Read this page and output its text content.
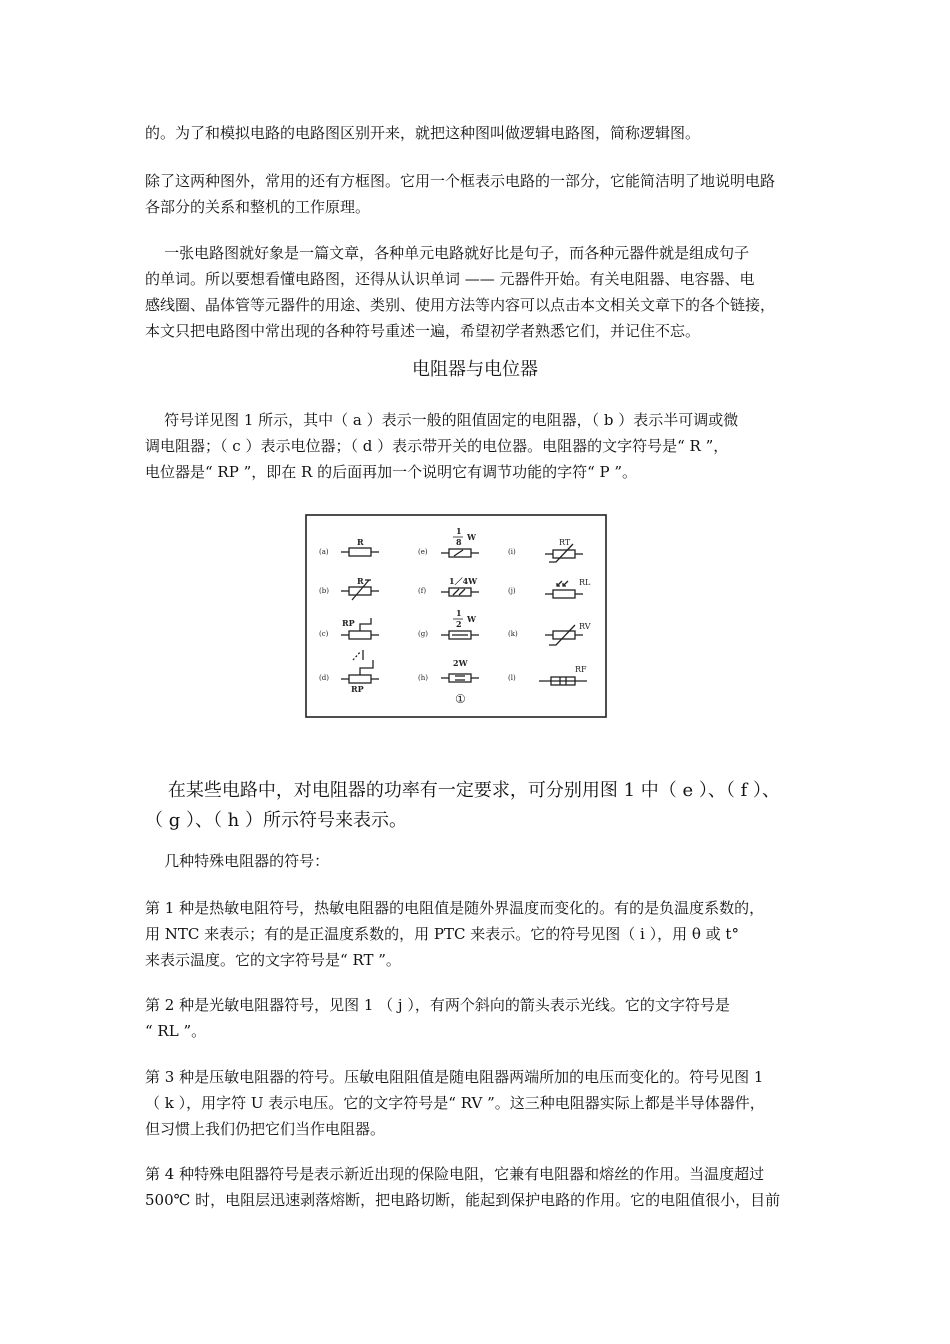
的。为了和模拟电路的电路图区别开来，就把这种图叫做逻辑电路图，简称逻辑图。
除了这两种图外，常用的还有方框图。它用一个框表示电路的一部分，它能简洁明了地说明电路
各部分的关系和整机的工作原理。
一张电路图就好象是一篇文章，各种单元电路就好比是句子，而各种元器件就是组成句子
的单词。所以要想看懂电路图，还得从认识单词 —— 元器件开始。有关电阻器、电容器、电
感线圈、晶体管等元器件的用途、类别、使用方法等内容可以点击本文相关文章下的各个链接，
本文只把电路图中常出现的各种符号重述一遍，希望初学者熟悉它们，并记住不忘。
电阻器与电位器
符号详见图 1 所示，其中（ a ）表示一般的阻值固定的电阻器，（ b ）表示半可调或微
调电阻器；（ c ）表示电位器；（ d ）表示带开关的电位器。电阻器的文字符号是“ R ”，
电位器是“ RP ”，即在 R 的后面再加一个说明它有调节功能的字符“ P ”。
(a)
(b)
(c)
(d)
(e)
(f)
(g)
(h)
(i)
(j)
(k)
(l)
R
R
RP
RP
1
8 W
1／4W
1
2 W
2W
RT
RL
RV
RF
①
在某些电路中，对电阻器的功率有一定要求，可分别用图 1 中（ e ）、（ f ）、
（ g ）、（ h ）所示符号来表示。
几种特殊电阻器的符号：
第 1 种是热敏电阻符号，热敏电阻器的电阻值是随外界温度而变化的。有的是负温度系数的，
用 NTC 来表示；有的是正温度系数的，用 PTC 来表示。它的符号见图（ i ），用 θ 或 t°
来表示温度。它的文字符号是“ RT ”。
第 2 种是光敏电阻器符号，见图 1 （ j ），有两个斜向的箭头表示光线。它的文字符号是
“ RL ”。
第 3 种是压敏电阻器的符号。压敏电阻阻值是随电阻器两端所加的电压而变化的。符号见图 1
（ k ），用字符 U 表示电压。它的文字符号是“ RV ”。这三种电阻器实际上都是半导体器件，
但习惯上我们仍把它们当作电阻器。
第 4 种特殊电阻器符号是表示新近出现的保险电阻，它兼有电阻器和熔丝的作用。当温度超过
500℃ 时，电阻层迅速剥落熔断，把电路切断，能起到保护电路的作用。它的电阻值很小，目前
